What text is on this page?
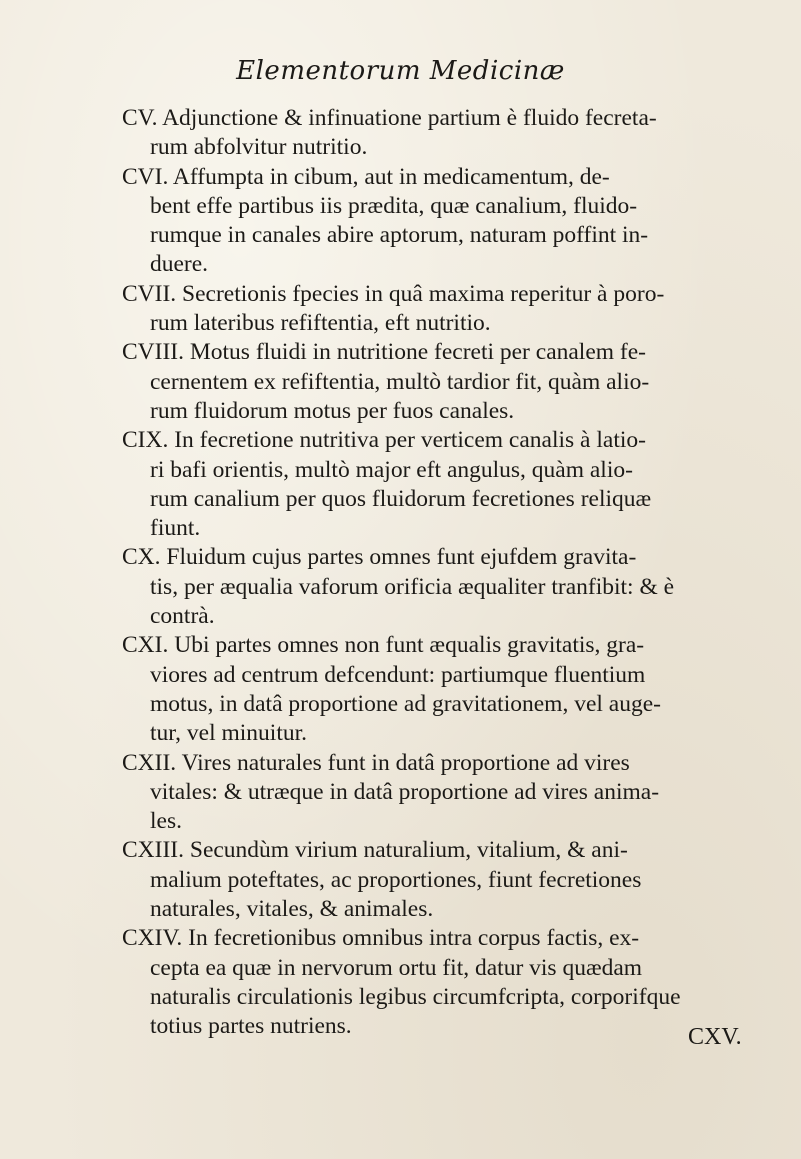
Elementorum Medicinæ
CV. Adjunctione & infinuatione partium è fluido fecreta-
rum abfolvitur nutritio.
CVI. Affumpta in cibum, aut in medicamentum, de-
bent effe partibus iis prædita, quæ canalium, fluido-
rumque in canales abire aptorum, naturam poffint in-
duere.
CVII. Secretionis fpecies in quâ maxima reperitur à poro-
rum lateribus refiftentia, eft nutritio.
CVIII. Motus fluidi in nutritione fecreti per canalem fe-
cernentem ex refiftentia, multò tardior fit, quàm alio-
rum fluidorum motus per fuos canales.
CIX. In fecretione nutritiva per verticem canalis à latio-
ri bafi orientis, multò major eft angulus, quàm alio-
rum canalium per quos fluidorum fecretiones reliquæ
fiunt.
CX. Fluidum cujus partes omnes funt ejufdem gravita-
tis, per æqualia vaforum orificia æqualiter tranfibit: & è
contrà.
CXI. Ubi partes omnes non funt æqualis gravitatis, gra-
viores ad centrum defcendunt: partiumque fluentium
motus, in datâ proportione ad gravitationem, vel auge-
tur, vel minuitur.
CXII. Vires naturales funt in datâ proportione ad vires
vitales: & utræque in datâ proportione ad vires anima-
les.
CXIII. Secundùm virium naturalium, vitalium, & ani-
malium poteftates, ac proportiones, fiunt fecretiones
naturales, vitales, & animales.
CXIV. In fecretionibus omnibus intra corpus factis, ex-
cepta ea quæ in nervorum ortu fit, datur vis quædam
naturalis circulationis legibus circumfcripta, corporifque
totius partes nutriens.	CXV.
